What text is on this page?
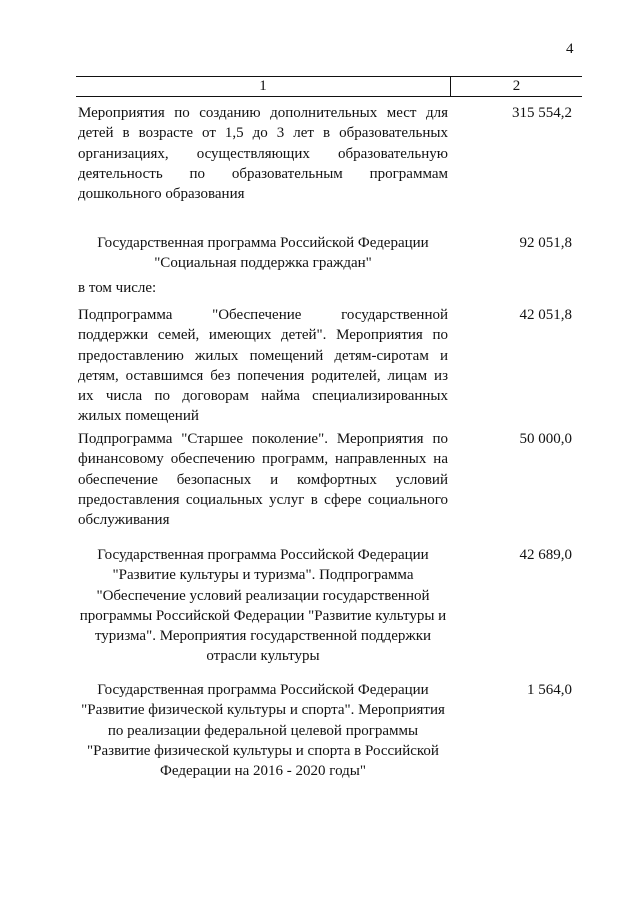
4
1	2
Мероприятия по созданию дополнительных мест для
детей в возрасте от 1,5 до 3 лет в образовательных
организациях, осуществляющих образовательную
деятельность по образовательным программам
дошкольного образования
315 554,2
Государственная программа Российской Федерации
"Социальная поддержка граждан"
92 051,8
в том числе:
Подпрограмма "Обеспечение государственной
поддержки семей, имеющих детей". Мероприятия по
предоставлению жилых помещений детям-сиротам и
детям, оставшимся без попечения родителей, лицам из
их числа по договорам найма специализированных
жилых помещений
42 051,8
Подпрограмма "Старшее поколение". Мероприятия по
финансовому обеспечению программ, направленных на
обеспечение безопасных и комфортных условий
предоставления социальных услуг в сфере социального
обслуживания
50 000,0
Государственная программа Российской Федерации
"Развитие культуры и туризма". Подпрограмма
"Обеспечение условий реализации государственной
программы Российской Федерации "Развитие культуры и
туризма". Мероприятия государственной поддержки
отрасли культуры
42 689,0
Государственная программа Российской Федерации
"Развитие физической культуры и спорта". Мероприятия
по реализации федеральной целевой программы
"Развитие физической культуры и спорта в Российской
Федерации на 2016 - 2020 годы"
1 564,0
